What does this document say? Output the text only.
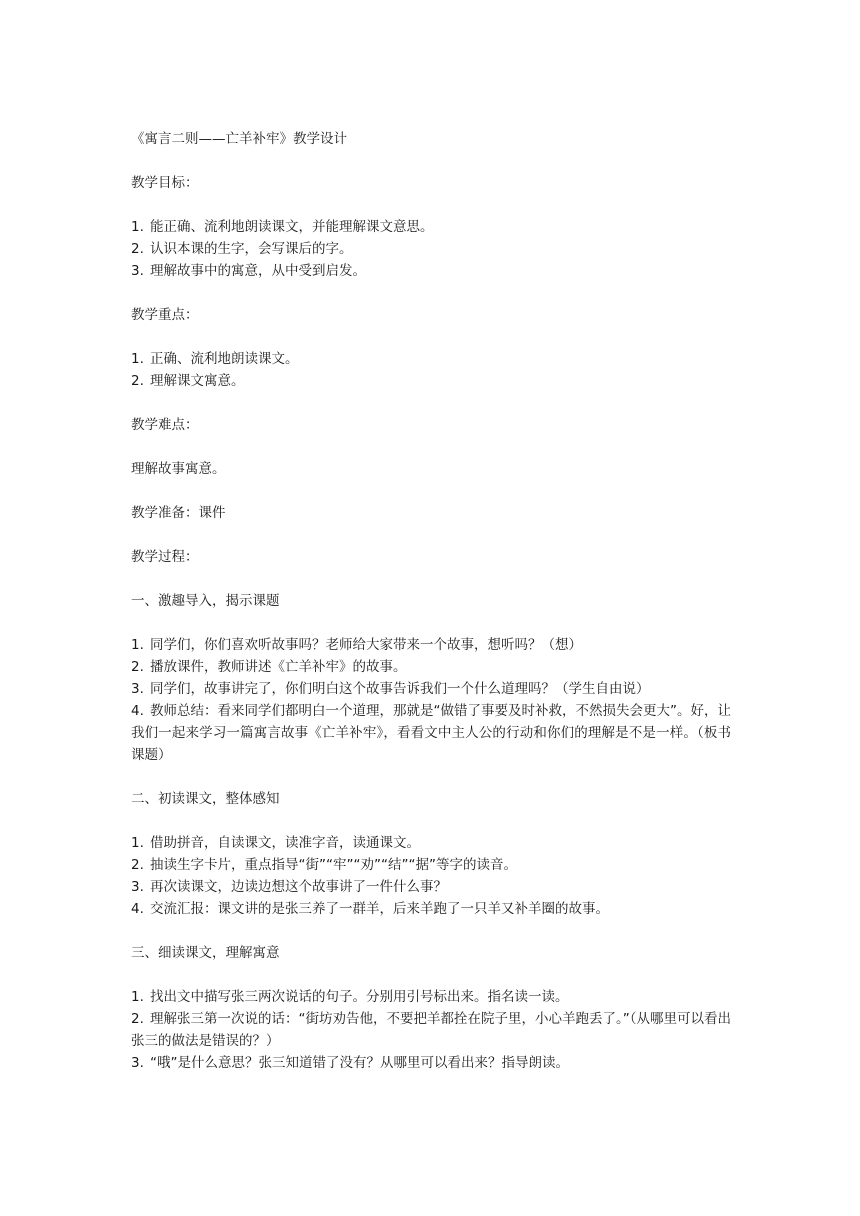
《寓言二则——亡羊补牢》教学设计
教学目标：
1. 能正确、流利地朗读课文，并能理解课文意思。
2. 认识本课的生字，会写课后的字。
3. 理解故事中的寓意，从中受到启发。
教学重点：
1. 正确、流利地朗读课文。
2. 理解课文寓意。
教学难点：
理解故事寓意。
教学准备：课件
教学过程：
一、激趣导入，揭示课题
1. 同学们，你们喜欢听故事吗？老师给大家带来一个故事，想听吗？（想）
2. 播放课件，教师讲述《亡羊补牢》的故事。
3. 同学们，故事讲完了，你们明白这个故事告诉我们一个什么道理吗？（学生自由说）
4. 教师总结：看来同学们都明白一个道理，那就是“做错了事要及时补救，不然损失会更大”。好，让我们一起来学习一篇寓言故事《亡羊补牢》，看看文中主人公的行动和你们的理解是不是一样。（板书课题）
二、初读课文，整体感知
1. 借助拼音，自读课文，读准字音，读通课文。
2. 抽读生字卡片，重点指导“街”“牢”“劝”“结”“据”等字的读音。
3. 再次读课文，边读边想这个故事讲了一件什么事？
4. 交流汇报：课文讲的是张三养了一群羊，后来羊跑了一只羊又补羊圈的故事。
三、细读课文，理解寓意
1. 找出文中描写张三两次说话的句子。分别用引号标出来。指名读一读。
2. 理解张三第一次说的话：“街坊劝告他，不要把羊都拴在院子里，小心羊跑丢了。”（从哪里可以看出张三的做法是错误的？）
3. “哦”是什么意思？张三知道错了没有？从哪里可以看出来？指导朗读。
